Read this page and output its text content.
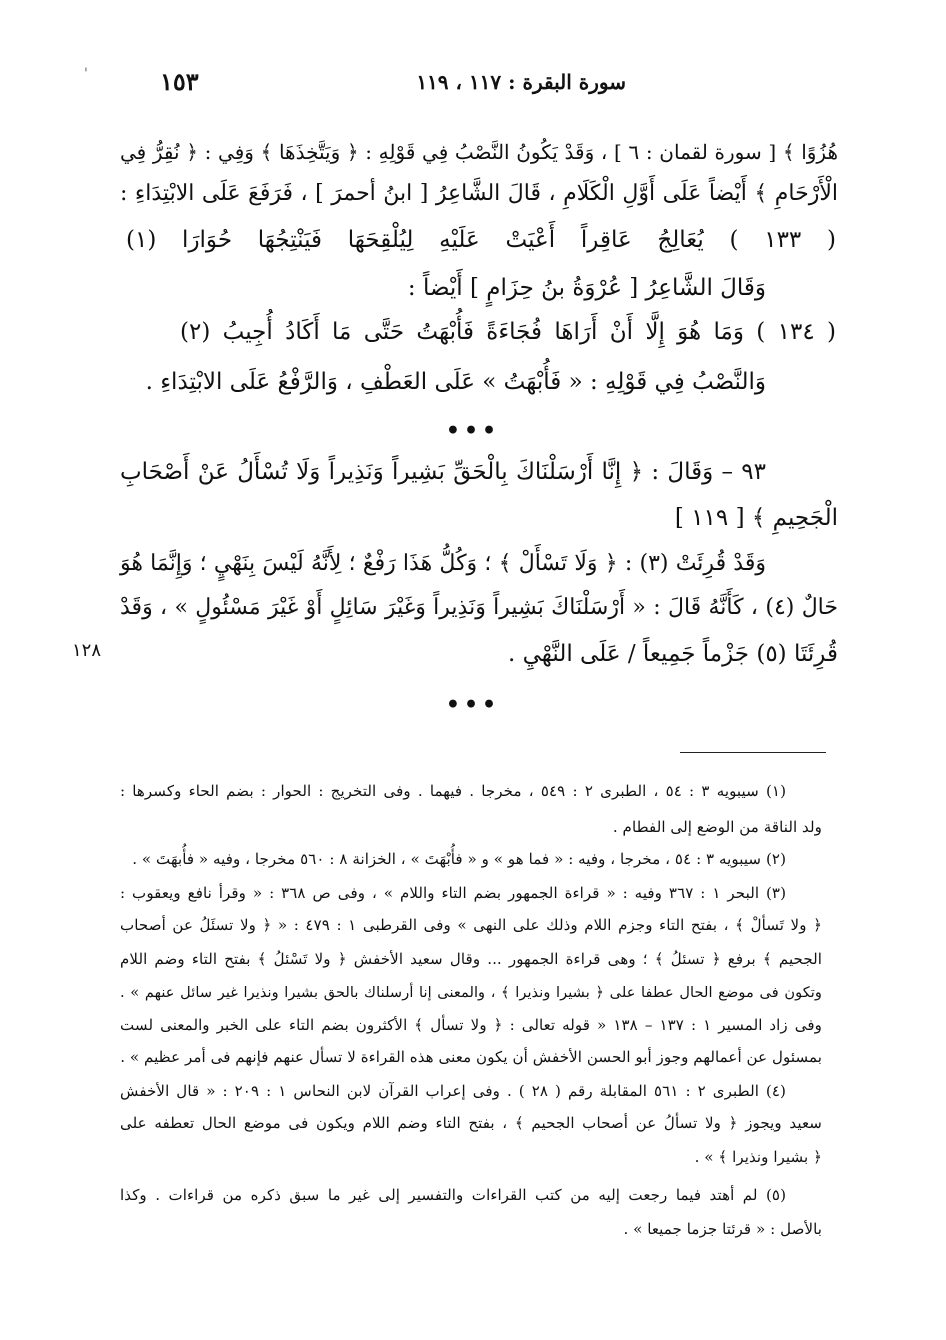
سورة البقرة : ١١٧ ، ١١٩
١٥٣
'
هُزُوًا ﴾ [ سورة لقمان : ٦ ] ، وَقَدْ يَكُونُ النَّصْبُ فِي قَوْلِهِ : ﴿ وَيَتَّخِذَهَا ﴾ وَفِي : ﴿ نُقِرُّ فِي
الْأَرْحَامِ ﴾ أَيْضاً عَلَى أَوَّلِ الْكَلَامِ ، قَالَ الشَّاعِرُ [ ابنُ أحمرَ ] ، فَرَفَعَ عَلَى الابْتِدَاءِ :
( ١٣٣ ) يُعَالِجُ عَاقِراً أَعْيَتْ عَلَيْهِ لِيُلْقِحَهَا فَيَنْتِجُهَا حُوَارَا (١)
وَقَالَ الشَّاعِرُ [ عُرْوَةُ بنُ حِزَامٍ ] أَيْضاً :
( ١٣٤ ) وَمَا هُوَ إِلَّا أَنْ أَرَاهَا فُجَاءَةً فَأُبْهَتُ حَتَّى مَا أَكَادُ أُجِيبُ (٢)
وَالنَّصْبُ فِي قَوْلِهِ : « فَأُبْهَتُ » عَلَى العَطْفِ ، وَالرَّفْعُ عَلَى الابْتِدَاءِ .
•••
٩٣ – وَقَالَ : ﴿ إِنَّا أَرْسَلْنَاكَ بِالْحَقِّ بَشِيراً وَنَذِيراً وَلَا تُسْأَلُ عَنْ أَصْحَابِ
الْجَحِيمِ ﴾ [ ١١٩ ]
وَقَدْ قُرِئَتْ (٣) : ﴿ وَلَا تَسْأَلْ ﴾ ؛ وَكُلُّ هَذَا رَفْعٌ ؛ لِأَنَّهُ لَيْسَ بِنَهْيٍ ؛ وَإِنَّمَا هُوَ
حَالٌ (٤) ، كَأَنَّهُ قَالَ : « أَرْسَلْنَاكَ بَشِيراً وَنَذِيراً وَغَيْرَ سَائِلٍ أَوْ غَيْرَ مَسْئُولٍ » ، وَقَدْ
قُرِئَتَا (٥) جَزْماً جَمِيعاً / عَلَى النَّهْيِ .
١٢٨
•••
(١) سيبويه ٣ : ٥٤ ، الطبرى ٢ : ٥٤٩ ، مخرجا . فيهما . وفى التخريج : الحوار : بضم الحاء وكسرها :
ولد الناقة من الوضع إلى الفطام .
(٢) سيبويه ٣ : ٥٤ ، مخرجا ، وفيه : « فما هو » و « فأُبْهَتَ » ، الخزانة ٨ : ٥٦٠ مخرجا ، وفيه « فأُبهَتَ » .
(٣) البحر ١ : ٣٦٧ وفيه : « قراءة الجمهور بضم التاء واللام » ، وفى ص ٣٦٨ : « وقرأ نافع ويعقوب :
﴿ ولا تَسألْ ﴾ ، بفتح التاء وجزم اللام وذلك على النهى » وفى القرطبى ١ : ٤٧٩ : « ﴿ ولا تسئَلُ عن أصحاب
الجحيم ﴾ برفع ﴿ تسئلُ ﴾ ؛ وهى قراءة الجمهور ... وقال سعيد الأخفش ﴿ ولا تَسْئلُ ﴾ بفتح التاء وضم اللام
وتكون فى موضع الحال عطفا على ﴿ بشيرا ونذيرا ﴾ ، والمعنى إنا أرسلناك بالحق بشيرا ونذيرا غير سائل عنهم » .
وفى زاد المسير ١ : ١٣٧ – ١٣٨ « قوله تعالى : ﴿ ولا تسأل ﴾ الأكثرون بضم التاء على الخبر والمعنى لست
بمسئول عن أعمالهم وجوز أبو الحسن الأخفش أن يكون معنى هذه القراءة لا تسأل عنهم فإنهم فى أمر عظيم » .
(٤) الطبرى ٢ : ٥٦١ المقابلة رقم ( ٢٨ ) . وفى إعراب القرآن لابن النحاس ١ : ٢٠٩ : « قال الأخفش
سعيد ويجوز ﴿ ولا تسألُ عن أصحاب الجحيم ﴾ ، بفتح التاء وضم اللام ويكون فى موضع الحال تعطفه على
﴿ بشيرا ونذيرا ﴾ » .
(٥) لم أهتد فيما رجعت إليه من كتب القراءات والتفسير إلى غير ما سبق ذكره من قراءات . وكذا
بالأصل : « قرئتا جزما جميعا » .
